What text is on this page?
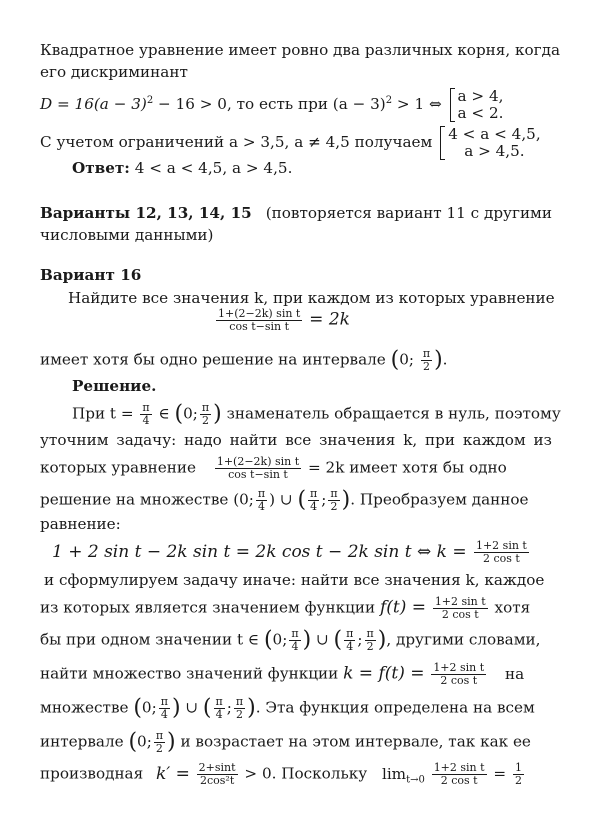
Квадратное уравнение имеет ровно два различных корня, когда
его дискриминант
$D = 16(a - 3)^2 - 16 > 0$, то есть при $(a - 3)^2 > 1$ ⇔ a > 4,
a < 2.
С учетом ограничений a > 3,5, a ≠ 4,5 получаем 4 < a < 4,5,
a > 4,5.
Ответ: 4 < a < 4,5, a > 4,5.
Варианты 12, 13, 14, 15 (повторяется вариант 11 с другими
числовыми данными)
Вариант 16
Найдите все значения k, при каждом из которых уравнение
$\frac{\text{1+(2−2k) sin t}}{\text{cos t−sin t}} = 2k$
имеет хотя бы одно решение на интервале (0; $\frac{\pi}{2}$ ).
Решение.
При $t = \frac{\pi}{4}$ ∈ (0; $\frac{\pi}{2}$ ) знаменатель обращается в нуль, поэтому
уточним задачу: надо найти все значения k, при каждом из
которых уравнение $\frac{\text{1+(2−2k) sin t}}{\text{cos t−sin t}} = 2k$ имеет хотя бы одно
решение на множестве (0; $\frac{\pi}{4}$ ) ∪ ( $\frac{\pi}{4}$ ; $\frac{\pi}{2}$ ). Преобразуем данное
равнение:
1 + 2 sin t − 2k sin t = 2k cos t − 2k sin t ⇔ $k = \frac{\text{1+2 sin t}}{\text{2 cos t}}$
и сформулируем задачу иначе: найти все значения k, каждое
из которых является значением функции $f(t) = \frac{\text{1+2 sin t}}{\text{2 cos t}}$ хотя
бы при одном значении t ∈ (0; $\frac{\pi}{4}$ ) ∪ ( $\frac{\pi}{4}$ ; $\frac{\pi}{2}$ ), другими словами,
найти множество значений функции $k = f(t) = \frac{\text{1+2 sin t}}{\text{2 cos t}}$ на
множестве (0; $\frac{\pi}{4}$ ) ∪ ( $\frac{\pi}{4}$ ; $\frac{\pi}{2}$ ). Эта функция определена на всем
интервале (0; $\frac{\pi}{2}$ ) и возрастает на этом интервале, так как ее
производная $k' = \frac{2+\sin t}{\text{2cos²t}} > 0$. Поскольку $\lim_{t\to 0} \frac{\text{1+2 sin t}}{\text{2 cos t}} = \frac{1}{2}$
